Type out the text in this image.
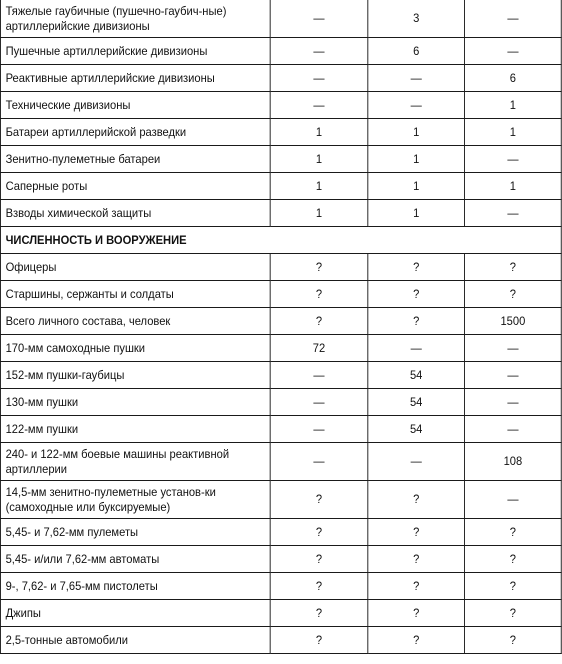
Тяжелые гаубичные (пушечно-гаубич-ные) артиллерийские дивизионы	—	3	—
Пушечные артиллерийские дивизионы	—	6	—
Реактивные артиллерийские дивизионы	—	—	6
Технические дивизионы	—	—	1
Батареи артиллерийской разведки	1	1	1
Зенитно-пулеметные батареи	1	1	—
Саперные роты	1	1	1
Взводы химической защиты	1	1	—
ЧИСЛЕННОСТЬ И ВООРУЖЕНИЕ			
Офицеры	?	?	?
Старшины, сержанты и солдаты	?	?	?
Всего личного состава, человек	?	?	1500
170-мм самоходные пушки	72	—	—
152-мм пушки-гаубицы	—	54	—
130-мм пушки	—	54	—
122-мм пушки	—	54	—
240- и 122-мм боевые машины реактивной артиллерии	—	—	108
14,5-мм зенитно-пулеметные установ-ки (самоходные или буксируемые)	?	?	—
5,45- и 7,62-мм пулеметы	?	?	?
5,45- и/или 7,62-мм автоматы	?	?	?
9-, 7,62- и 7,65-мм пистолеты	?	?	?
Джипы	?	?	?
2,5-тонные автомобили	?	?	?
